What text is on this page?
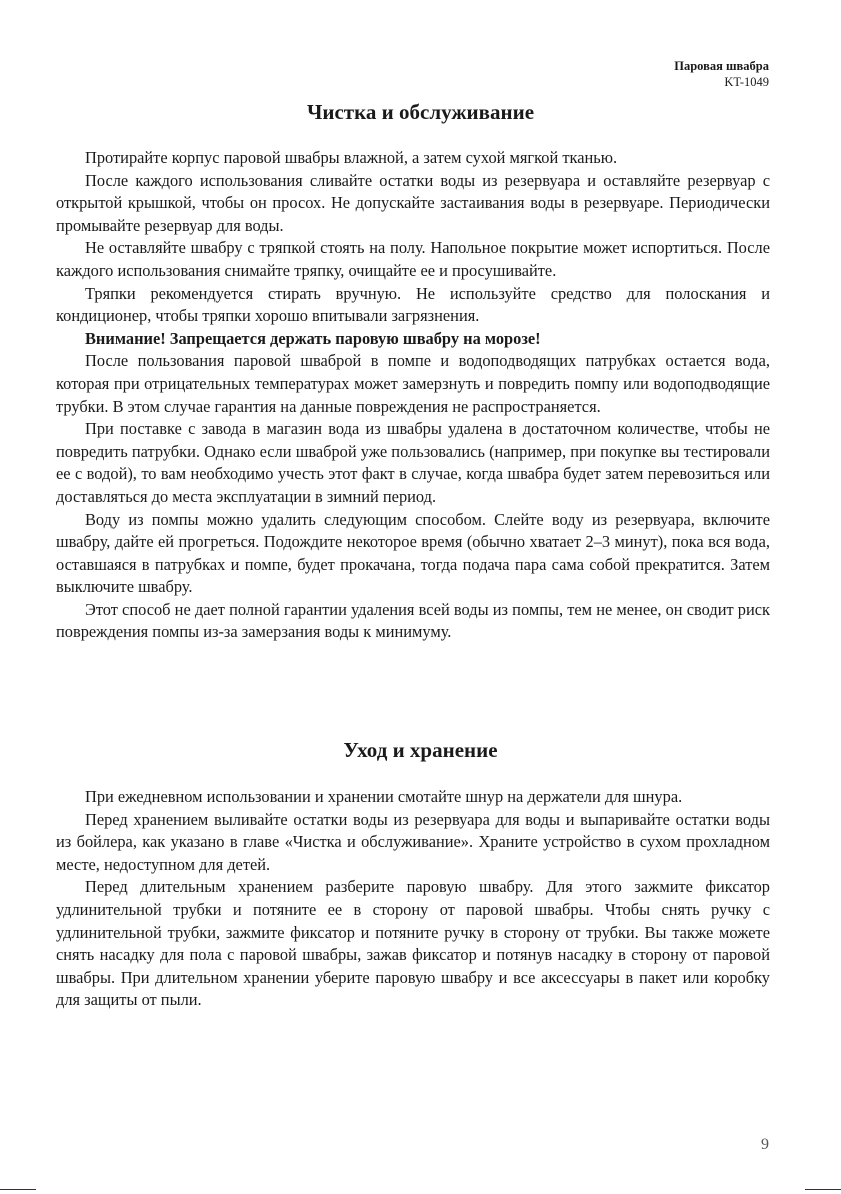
Паровая швабра
KT-1049
Чистка и обслуживание

Протирайте корпус паровой швабры влажной, а затем сухой мягкой тканью.

После каждого использования сливайте остатки воды из резервуара и оставляйте резервуар с открытой крышкой, чтобы он просох. Не допускайте застаивания воды в резервуаре. Периодически промывайте резервуар для воды.

Не оставляйте швабру с тряпкой стоять на полу. Напольное покрытие может испортиться. После каждого использования снимайте тряпку, очищайте ее и просушивайте.

Тряпки рекомендуется стирать вручную. Не используйте средство для полоскания и кондиционер, чтобы тряпки хорошо впитывали загрязнения.

Внимание! Запрещается держать паровую швабру на морозе!

После пользования паровой шваброй в помпе и водоподводящих патрубках остается вода, которая при отрицательных температурах может замерзнуть и повредить помпу или водоподводящие трубки. В этом случае гарантия на данные повреждения не распространяется.

При поставке с завода в магазин вода из швабры удалена в достаточном количестве, чтобы не повредить патрубки. Однако если шваброй уже пользовались (например, при покупке вы тестировали ее с водой), то вам необходимо учесть этот факт в случае, когда швабра будет затем перевозиться или доставляться до места эксплуатации в зимний период.

Воду из помпы можно удалить следующим способом. Слейте воду из резервуара, включите швабру, дайте ей прогреться. Подождите некоторое время (обычно хватает 2–3 минут), пока вся вода, оставшаяся в патрубках и помпе, будет прокачана, тогда подача пара сама собой прекратится. Затем выключите швабру.

Этот способ не дает полной гарантии удаления всей воды из помпы, тем не менее, он сводит риск повреждения помпы из-за замерзания воды к минимуму.

Уход и хранение

При ежедневном использовании и хранении смотайте шнур на держатели для шнура.

Перед хранением выливайте остатки воды из резервуара для воды и выпаривайте остатки воды из бойлера, как указано в главе «Чистка и обслуживание». Храните устройство в сухом прохладном месте, недоступном для детей.

Перед длительным хранением разберите паровую швабру. Для этого зажмите фиксатор удлинительной трубки и потяните ее в сторону от паровой швабры. Чтобы снять ручку с удлинительной трубки, зажмите фиксатор и потяните ручку в сторону от трубки. Вы также можете снять насадку для пола с паровой швабры, зажав фиксатор и потянув насадку в сторону от паровой швабры. При длительном хранении уберите паровую швабру и все аксессуары в пакет или коробку для защиты от пыли.

9
